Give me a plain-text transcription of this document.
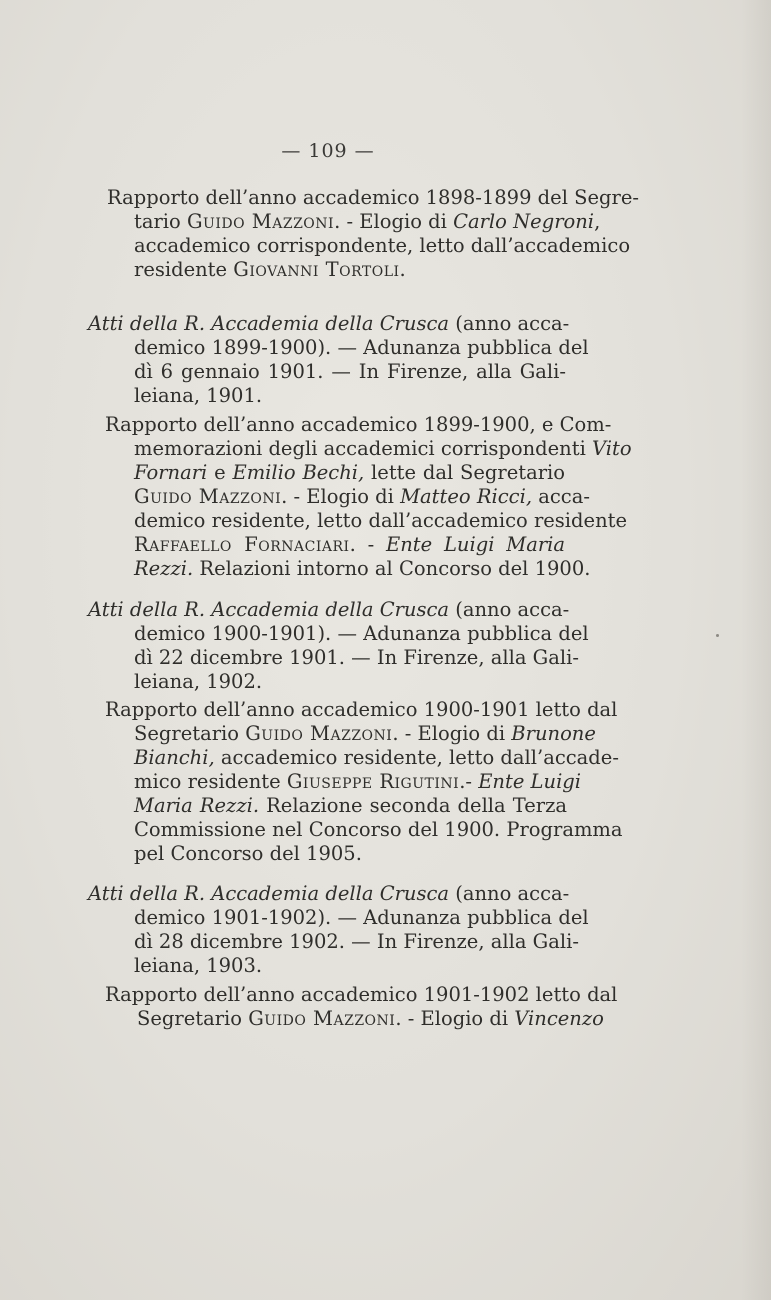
— 109 —
Rapporto dell’anno accademico 1898-1899 del Segre-
tario Guido Mazzoni. - Elogio di Carlo Negroni,
accademico corrispondente, letto dall’accademico
residente Giovanni Tortoli.
Atti della R. Accademia della Crusca (anno acca-
demico 1899-1900). — Adunanza pubblica del
dì 6 gennaio 1901. — In Firenze, alla Gali-
leiana, 1901.
Rapporto dell’anno accademico 1899-1900, e Com-
memorazioni degli accademici corrispondenti Vito
Fornari e Emilio Bechi, lette dal Segretario
Guido Mazzoni. - Elogio di Matteo Ricci, acca-
demico residente, letto dall’accademico residente
Raffaello Fornaciari. - Ente Luigi Maria
Rezzi. Relazioni intorno al Concorso del 1900.
Atti della R. Accademia della Crusca (anno acca-
demico 1900-1901). — Adunanza pubblica del
dì 22 dicembre 1901. — In Firenze, alla Gali-
leiana, 1902.
Rapporto dell’anno accademico 1900-1901 letto dal
Segretario Guido Mazzoni. - Elogio di Brunone
Bianchi, accademico residente, letto dall’accade-
mico residente Giuseppe Rigutini.- Ente Luigi
Maria Rezzi. Relazione seconda della Terza
Commissione nel Concorso del 1900. Programma
pel Concorso del 1905.
Atti della R. Accademia della Crusca (anno acca-
demico 1901-1902). — Adunanza pubblica del
dì 28 dicembre 1902. — In Firenze, alla Gali-
leiana, 1903.
Rapporto dell’anno accademico 1901-1902 letto dal
Segretario Guido Mazzoni. - Elogio di Vincenzo
